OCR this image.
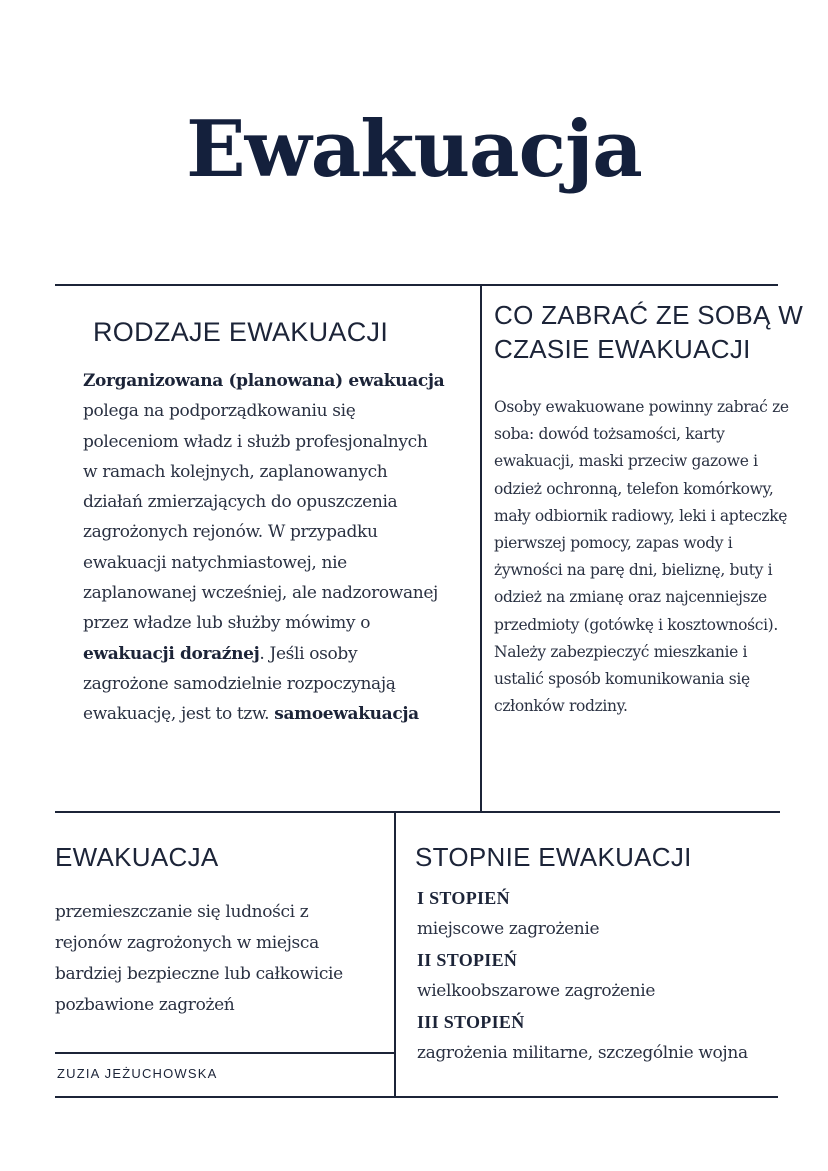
Ewakuacja
RODZAJE EWAKUACJI
Zorganizowana (planowana) ewakuacja polega na podporządkowaniu się poleceniom władz i służb profesjonalnych w ramach kolejnych, zaplanowanych działań zmierzających do opuszczenia zagrożonych rejonów. W przypadku ewakuacji natychmiastowej, nie zaplanowanej wcześniej, ale nadzorowanej przez władze lub służby mówimy o ewakuacji doraźnej. Jeśli osoby zagrożone samodzielnie rozpoczynają ewakuację, jest to tzw. samoewakuacja
CO ZABRAĆ ZE SOBĄ W
CZASIE EWAKUACJI
Osoby ewakuowane powinny zabrać ze soba: dowód tożsamości, karty ewakuacji, maski przeciw gazowe i odzież ochronną, telefon komórkowy, mały odbiornik radiowy, leki i apteczkę pierwszej pomocy, zapas wody i żywności na parę dni, bieliznę, buty i odzież na zmianę oraz najcenniejsze przedmioty (gotówkę i kosztowności). Należy zabezpieczyć mieszkanie i ustalić sposób komunikowania się członków rodziny.
EWAKUACJA
przemieszczanie się ludności z rejonów zagrożonych w miejsca bardziej bezpieczne lub całkowicie pozbawione zagrożeń
ZUZIA JEŻUCHOWSKA
STOPNIE EWAKUACJI
I STOPIEŃ
miejscowe zagrożenie
II STOPIEŃ
wielkoobszarowe zagrożenie
III STOPIEŃ
zagrożenia militarne, szczególnie wojna
